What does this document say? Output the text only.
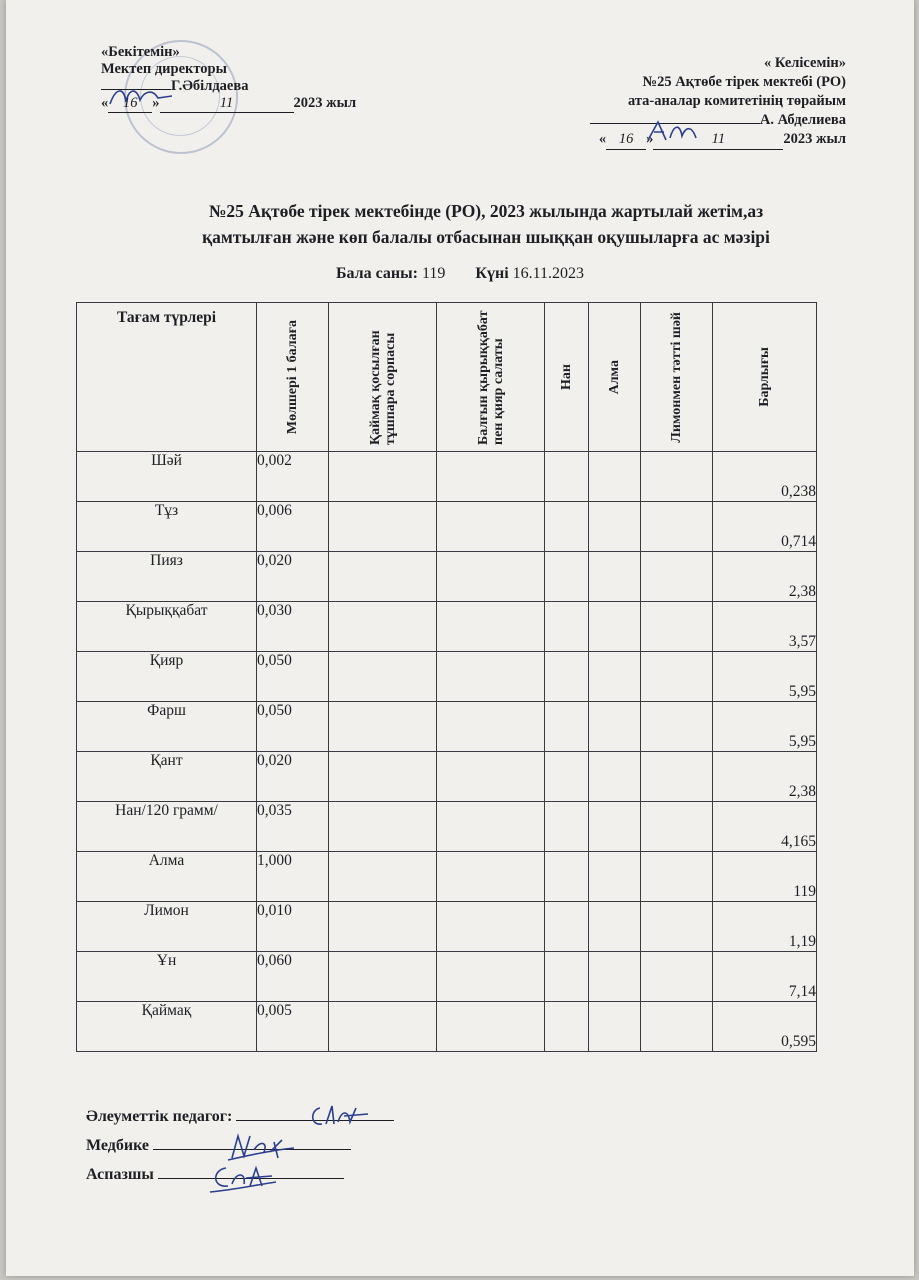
«Бекітемін»
Мектеп директоры
Г.Әбілдаева
« 16 »	11	2023 жыл
« Келісемін»
№25 Ақтөбе тірек мектебі (РО)
ата-аналар комитетінің төрайым
А. Абделиева
« 16 »	11	2023 жыл
№25 Ақтөбе тірек мектебінде (РО), 2023 жылында жартылай жетім,аз
қамтылған және көп балалы отбасынан шыққан оқушыларға ас мәзірі
Бала саны: 119 Күні 16.11.2023
Тағам түрлері	Мөлшері 1 балаға	Қаймақ қосылған тұшпара сорпасы	Балғын қырыққабат пен қияр салаты	Нан	Алма	Лимонмен тәтті шәй	Барлығы

Шәй	0,002						0,238
Тұз	0,006						0,714
Пияз	0,020						2,38
Қырыққабат	0,030						3,57
Қияр	0,050						5,95
Фарш	0,050						5,95
Қант	0,020						2,38
Нан/120 грамм/	0,035						4,165
Алма	1,000						119
Лимон	0,010						1,19
Ұн	0,060						7,14
Қаймақ	0,005						0,595
Әлеуметтік педагог:
Медбике
Аспазшы
